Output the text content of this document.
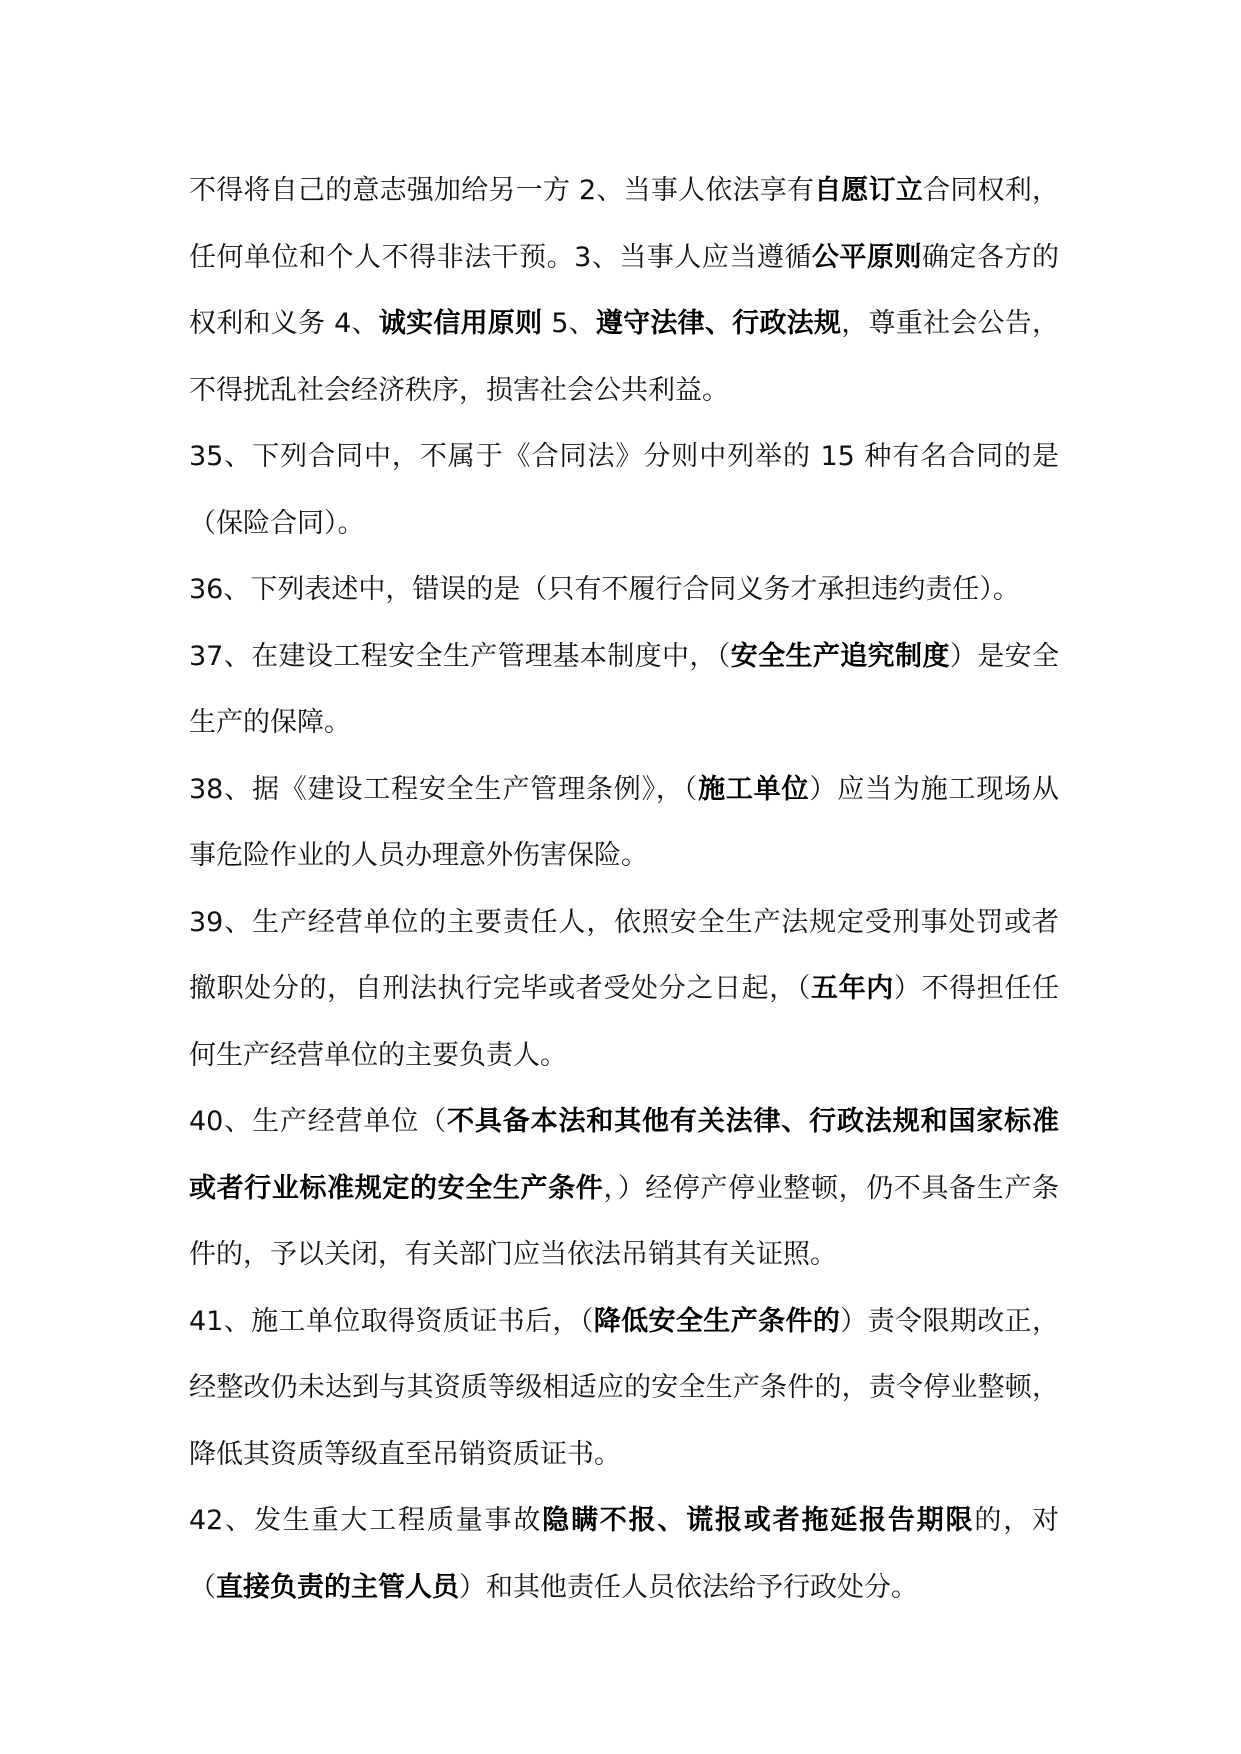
不得将自己的意志强加给另一方 2、当事人依法享有自愿订立合同权利，任何单位和个人不得非法干预。3、当事人应当遵循公平原则确定各方的权利和义务 4、诚实信用原则 5、遵守法律、行政法规，尊重社会公告，不得扰乱社会经济秩序，损害社会公共利益。

35、下列合同中，不属于《合同法》分则中列举的 15 种有名合同的是（保险合同）。

36、下列表述中，错误的是（只有不履行合同义务才承担违约责任）。

37、在建设工程安全生产管理基本制度中，（安全生产追究制度）是安全生产的保障。

38、据《建设工程安全生产管理条例》，（施工单位）应当为施工现场从事危险作业的人员办理意外伤害保险。

39、生产经营单位的主要责任人，依照安全生产法规定受刑事处罚或者撤职处分的，自刑法执行完毕或者受处分之日起，（五年内）不得担任任何生产经营单位的主要负责人。

40、生产经营单位（不具备本法和其他有关法律、行政法规和国家标准或者行业标准规定的安全生产条件，）经停产停业整顿，仍不具备生产条件的，予以关闭，有关部门应当依法吊销其有关证照。

41、施工单位取得资质证书后，（降低安全生产条件的）责令限期改正，经整改仍未达到与其资质等级相适应的安全生产条件的，责令停业整顿，降低其资质等级直至吊销资质证书。

42、发生重大工程质量事故隐瞒不报、谎报或者拖延报告期限的，对（直接负责的主管人员）和其他责任人员依法给予行政处分。
